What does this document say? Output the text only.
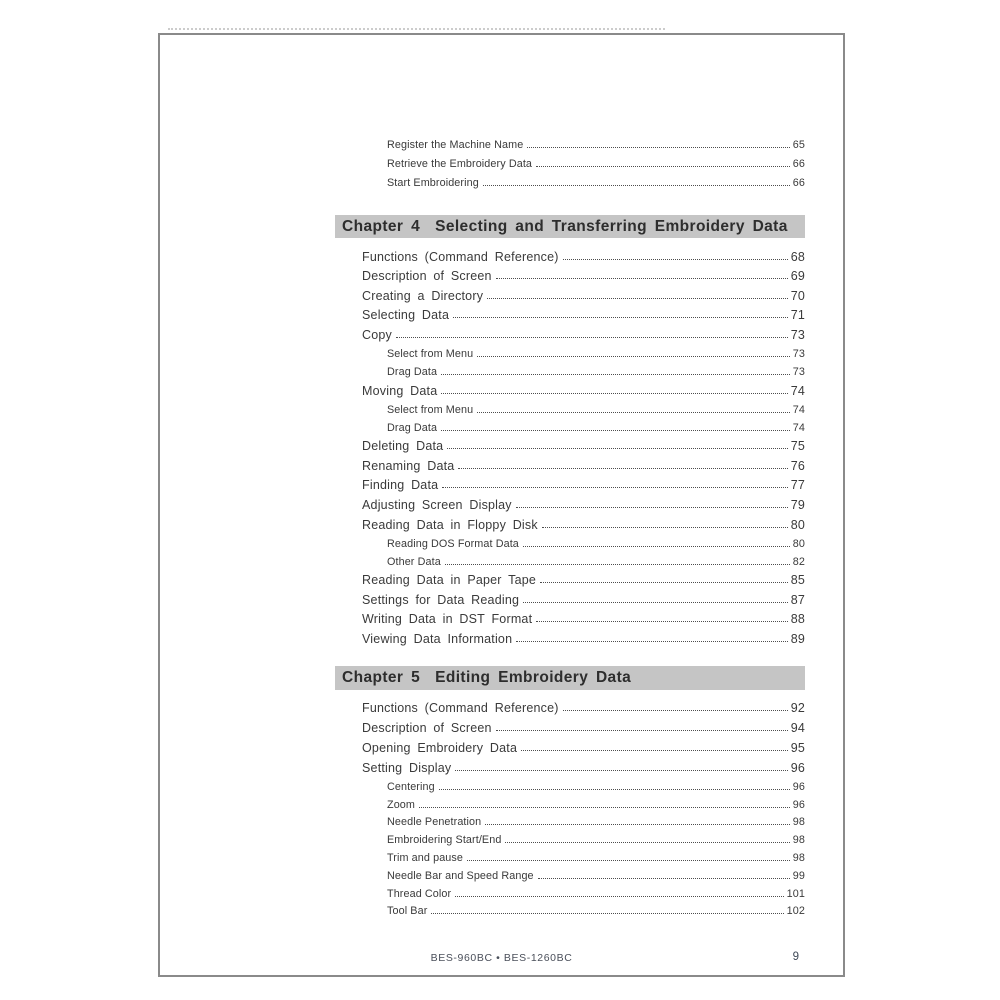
Register the Machine Name	65
Retrieve the Embroidery Data	66
Start Embroidering	66
Chapter 4 Selecting and Transferring Embroidery Data
Functions (Command Reference)	68
Description of Screen	69
Creating a Directory	70
Selecting Data	71
Copy	73
Select from Menu	73
Drag Data	73
Moving Data	74
Select from Menu	74
Drag Data	74
Deleting Data	75
Renaming Data	76
Finding Data	77
Adjusting Screen Display	79
Reading Data in Floppy Disk	80
Reading DOS Format Data	80
Other Data	82
Reading Data in Paper Tape	85
Settings for Data Reading	87
Writing Data in DST Format	88
Viewing Data Information	89
Chapter 5 Editing Embroidery Data
Functions (Command Reference)	92
Description of Screen	94
Opening Embroidery Data	95
Setting Display	96
Centering	96
Zoom	96
Needle Penetration	98
Embroidering Start/End	98
Trim and pause	98
Needle Bar and Speed Range	99
Thread Color	101
Tool Bar	102
BES-960BC • BES-1260BC	9
